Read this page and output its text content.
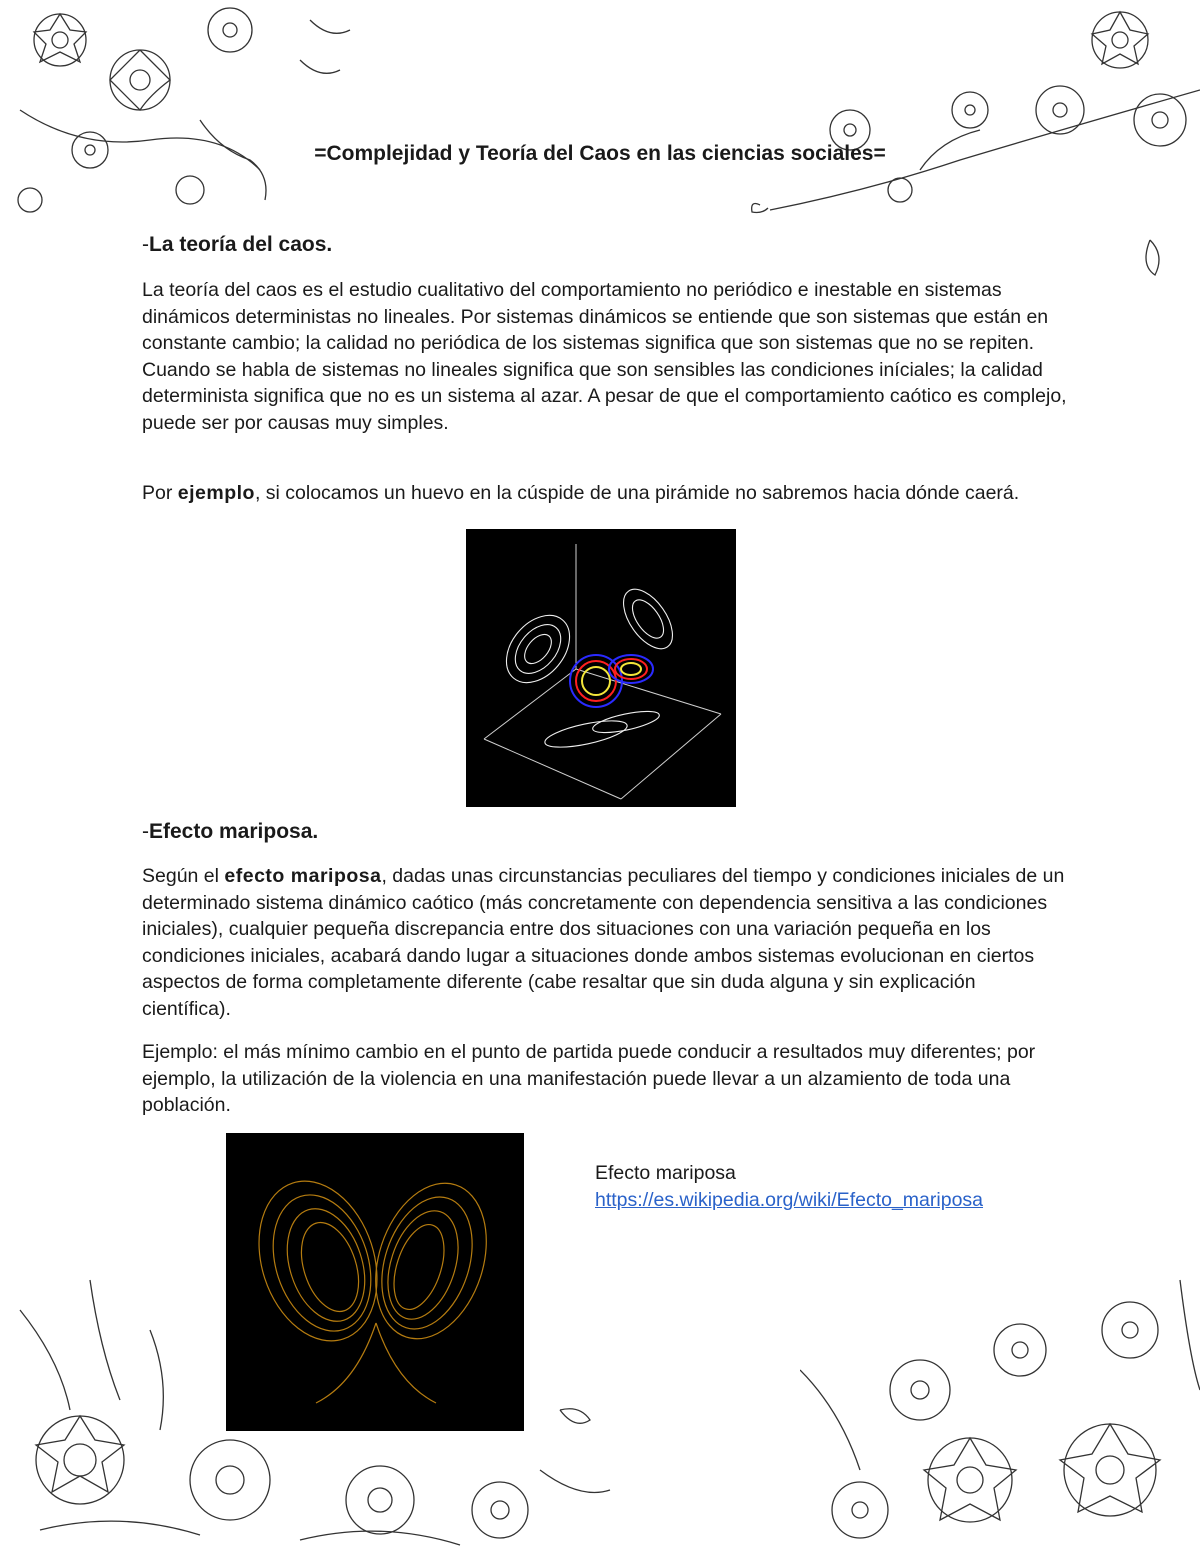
=Complejidad y Teoría del Caos en las ciencias sociales=
-La teoría del caos.

La teoría del caos es el estudio cualitativo del comportamiento no periódico e inestable en sistemas dinámicos deterministas no lineales. Por sistemas dinámicos se entiende que son sistemas que están en constante cambio; la calidad no periódica de los sistemas significa que son sistemas que no se repiten. Cuando se habla de sistemas no lineales significa que son sensibles las condiciones iníciales; la calidad determinista significa que no es un sistema al azar. A pesar de que el comportamiento caótico es complejo, puede ser por causas muy simples.

Por ejemplo, si colocamos un huevo en la cúspide de una pirámide no sabremos hacia dónde caerá.

-Efecto mariposa.

Según el efecto mariposa, dadas unas circunstancias peculiares del tiempo y condiciones iniciales de un determinado sistema dinámico caótico (más concretamente con dependencia sensitiva a las condiciones iniciales), cualquier pequeña discrepancia entre dos situaciones con una variación pequeña en los condiciones iniciales, acabará dando lugar a situaciones donde ambos sistemas evolucionan en ciertos aspectos de forma completamente diferente (cabe resaltar que sin duda alguna y sin explicación científica).

Ejemplo: el más mínimo cambio en el punto de partida puede conducir a resultados muy diferentes; por ejemplo, la utilización de la violencia en una manifestación puede llevar a un alzamiento de toda una población.

Efecto mariposa
https://es.wikipedia.org/wiki/Efecto_mariposa
